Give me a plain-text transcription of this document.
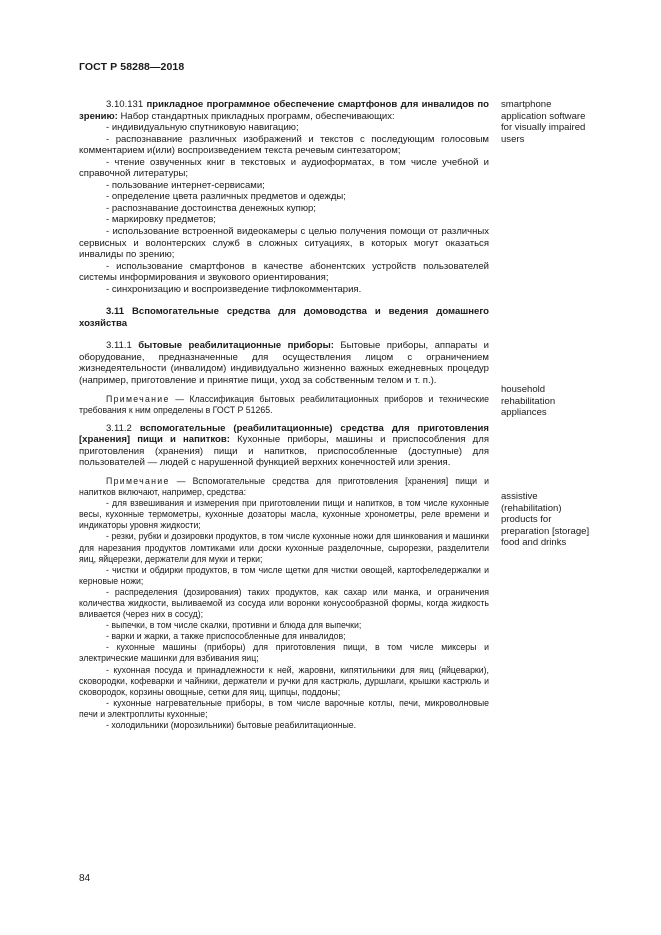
ГОСТ Р 58288—2018

3.10.131 прикладное программное обеспечение смартфонов для инвалидов по зрению: Набор стандартных прикладных программ, обеспечивающих:

- индивидуальную спутниковую навигацию;

- распознавание различных изображений и текстов с последующим голосовым комментарием и(или) воспроизведением текста речевым синтезатором;

- чтение озвученных книг в текстовых и аудиоформатах, в том числе учебной и справочной литературы;

- пользование интернет-сервисами;

- определение цвета различных предметов и одежды;

- распознавание достоинства денежных купюр;

- маркировку предметов;

- использование встроенной видеокамеры с целью получения помощи от различных сервисных и волонтерских служб в сложных ситуациях, в которых могут оказаться инвалиды по зрению;

- использование смартфонов в качестве абонентских устройств пользователей системы информирования и звукового ориентирования;

- синхронизацию и воспроизведение тифлокомментария.

3.11 Вспомогательные средства для домоводства и ведения домашнего хозяйства

3.11.1 бытовые реабилитационные приборы: Бытовые приборы, аппараты и оборудование, предназначенные для осуществления лицом с ограничением жизнедеятельности (инвалидом) индивидуально жизненно важных ежедневных процедур (например, приготовление и принятие пищи, уход за собственным телом и т. п.).

Примечание — Классификация бытовых реабилитационных приборов и технические требования к ним определены в ГОСТ Р 51265.

3.11.2 вспомогательные (реабилитационные) средства для приготовления [хранения] пищи и напитков: Кухонные приборы, машины и приспособления для приготовления (хранения) пищи и напитков, приспособленные (доступные) для пользователей — людей с нарушенной функцией верхних конечностей или зрения.

Примечание — Вспомогательные средства для приготовления [хранения] пищи и напитков включают, например, средства:

- для взвешивания и измерения при приготовлении пищи и напитков, в том числе кухонные весы, кухонные термометры, кухонные дозаторы масла, кухонные хронометры, реле времени и индикаторы уровня жидкости;

- резки, рубки и дозировки продуктов, в том числе кухонные ножи для шинкования и машинки для нарезания продуктов ломтиками или доски кухонные разделочные, сырорезки, разделители яиц, яйцерезки, держатели для муки и терки;

- чистки и обдирки продуктов, в том числе щетки для чистки овощей, картофеледержалки и керновые ножи;

- распределения (дозирования) таких продуктов, как сахар или манка, и ограничения количества жидкости, выливаемой из сосуда или воронки конусообразной формы, когда жидкость вливается (через них в сосуд);

- выпечки, в том числе скалки, противни и блюда для выпечки;

- варки и жарки, а также приспособленные для инвалидов;

- кухонные машины (приборы) для приготовления пищи, в том числе миксеры и электрические машинки для взбивания яиц;

- кухонная посуда и принадлежности к ней, жаровни, кипятильники для яиц (яйцеварки), сковородки, кофеварки и чайники, держатели и ручки для кастрюль, дуршлаги, крышки кастрюль и сковородок, корзины овощные, сетки для яиц, щипцы, поддоны;

- кухонные нагревательные приборы, в том числе варочные котлы, печи, микроволновые печи и электроплиты кухонные;

- холодильники (морозильники) бытовые реабилитационные.

smartphone
application software
for visually impaired
users
household
rehabilitation
appliances
assistive
(rehabilitation)
products for
preparation [storage]
food and drinks
84
